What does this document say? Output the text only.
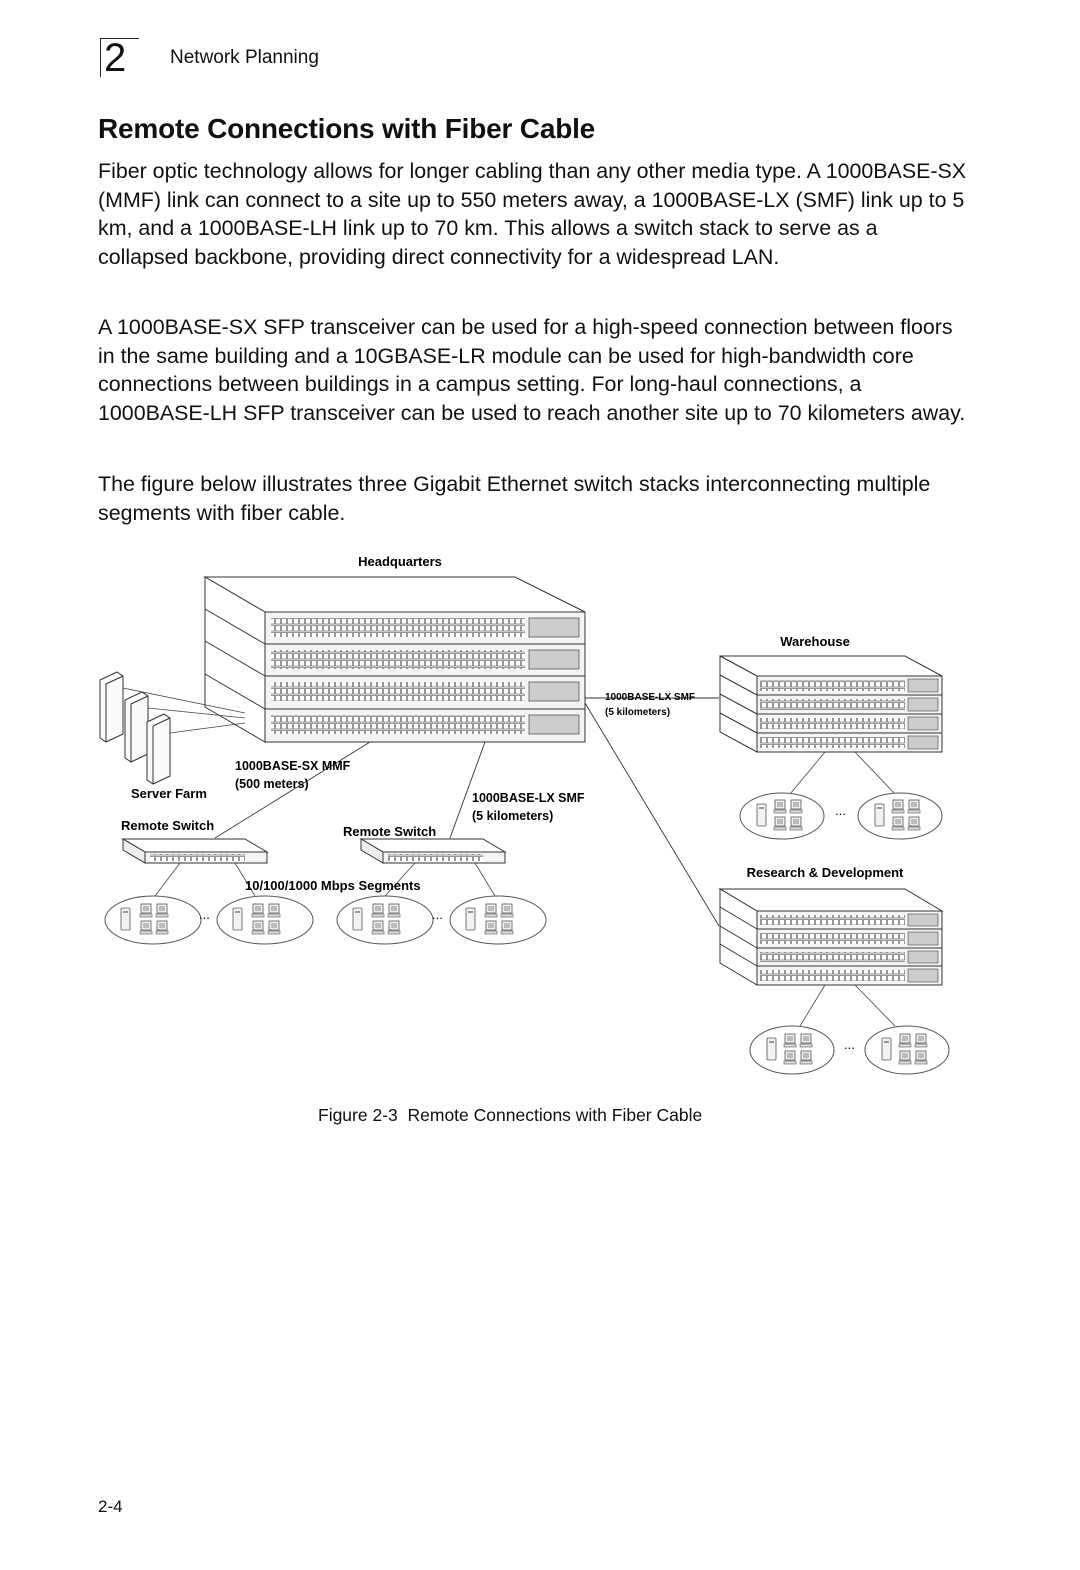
2 Network Planning
Remote Connections with Fiber Cable

Fiber optic technology allows for longer cabling than any other media type. A 1000BASE-SX (MMF) link can connect to a site up to 550 meters away, a 1000BASE-LX (SMF) link up to 5 km, and a 1000BASE-LH link up to 70 km. This allows a switch stack to serve as a collapsed backbone, providing direct connectivity for a widespread LAN.

A 1000BASE-SX SFP transceiver can be used for a high-speed connection between floors in the same building and a 10GBASE-LR module can be used for high-bandwidth core connections between buildings in a campus setting. For long-haul connections, a 1000BASE-LH SFP transceiver can be used to reach another site up to 70 kilometers away.

The figure below illustrates three Gigabit Ethernet switch stacks interconnecting multiple segments with fiber cable.

Headquarters
Server Farm
1000BASE-SX MMF
(500 meters)
1000BASE-LX SMF
(5 kilometers)
1000BASE-LX SMF
(5 kilometers)
Remote Switch	Remote Switch
10/100/1000 Mbps Segments
...	...
Warehouse
...
Research & Development
...
Figure 2-3 Remote Connections with Fiber Cable
2-4
